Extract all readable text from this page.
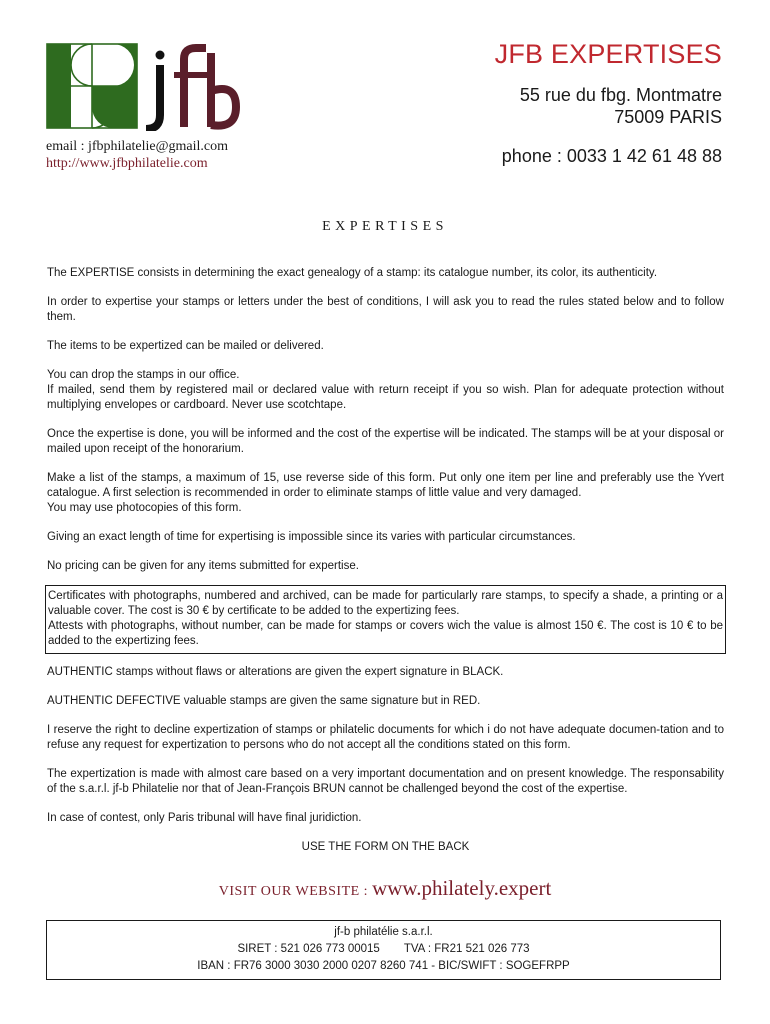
email : jfbphilatelie@gmail.com
http://www.jfbphilatelie.com
JFB EXPERTISES
55 rue du fbg. Montmatre
75009 PARIS
phone : 0033 1 42 61 48 88
EXPERTISES

The EXPERTISE consists in determining the exact genealogy of a stamp: its catalogue number, its color, its authenticity.

In order to expertise your stamps or letters under the best of conditions, I will ask you to read the rules stated below and to follow them.

The items to be expertized can be mailed or delivered.

You can drop the stamps in our office.
If mailed, send them by registered mail or declared value with return receipt if you so wish. Plan for adequate protection without multiplying envelopes or cardboard. Never use scotchtape.

Once the expertise is done, you will be informed and the cost of the expertise will be indicated. The stamps will be at your disposal or mailed upon receipt of the honorarium.

Make a list of the stamps, a maximum of 15, use reverse side of this form. Put only one item per line and preferably use the Yvert catalogue. A first selection is recommended in order to eliminate stamps of little value and very damaged.
You may use photocopies of this form.

Giving an exact length of time for expertising is impossible since its varies with particular circumstances.

No pricing can be given for any items submitted for expertise.

Certificates with photographs, numbered and archived, can be made for particularly rare stamps, to specify a shade, a printing or a valuable cover. The cost is 30 € by certificate to be added to the expertizing fees.
Attests with photographs, without number, can be made for stamps or covers wich the value is almost 150 €. The cost is 10 € to be added to the expertizing fees.

AUTHENTIC stamps without flaws or alterations are given the expert signature in BLACK.

AUTHENTIC DEFECTIVE valuable stamps are given the same signature but in RED.

I reserve the right to decline expertization of stamps or philatelic documents for which i do not have adequate documen-tation and to refuse any request for expertization to persons who do not accept all the conditions stated on this form.

The expertization is made with almost care based on a very important documentation and on present knowledge. The responsability of the s.a.r.l. jf-b Philatelie nor that of Jean-François BRUN cannot be challenged beyond the cost of the expertise.

In case of contest, only Paris tribunal will have final juridiction.

USE THE FORM ON THE BACK

VISIT OUR WEBSITE : www.philately.expert
jf-b philatélie s.a.r.l.
SIRET : 521 026 773 00015 TVA : FR21 521 026 773
IBAN : FR76 3000 3030 2000 0207 8260 741 - BIC/SWIFT : SOGEFRPP
